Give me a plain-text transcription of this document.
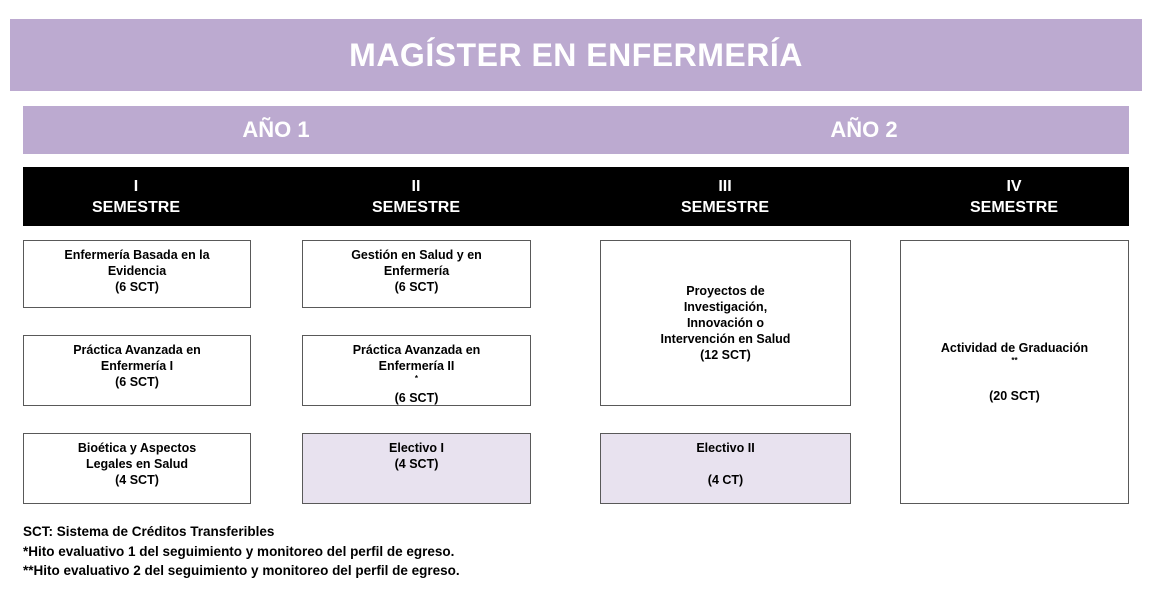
MAGÍSTER EN ENFERMERÍA
AÑO 1	AÑO 2
I
SEMESTRE
II
SEMESTRE
III
SEMESTRE
IV
SEMESTRE
Enfermería Basada en la
Evidencia
(6 SCT)
Práctica Avanzada en
Enfermería I
(6 SCT)
Bioética y Aspectos
Legales en Salud
(4 SCT)
Gestión en Salud y en
Enfermería
(6 SCT)
Práctica Avanzada en
Enfermería II
*
(6 SCT)
Electivo I
(4 SCT)
Proyectos de
Investigación,
Innovación o
Intervención en Salud
(12 SCT)
Electivo II
(4 CT)
Actividad de Graduación
**
(20 SCT)
SCT: Sistema de Créditos Transferibles
*Hito evaluativo 1 del seguimiento y monitoreo del perfil de egreso.
**Hito evaluativo 2 del seguimiento y monitoreo del perfil de egreso.
